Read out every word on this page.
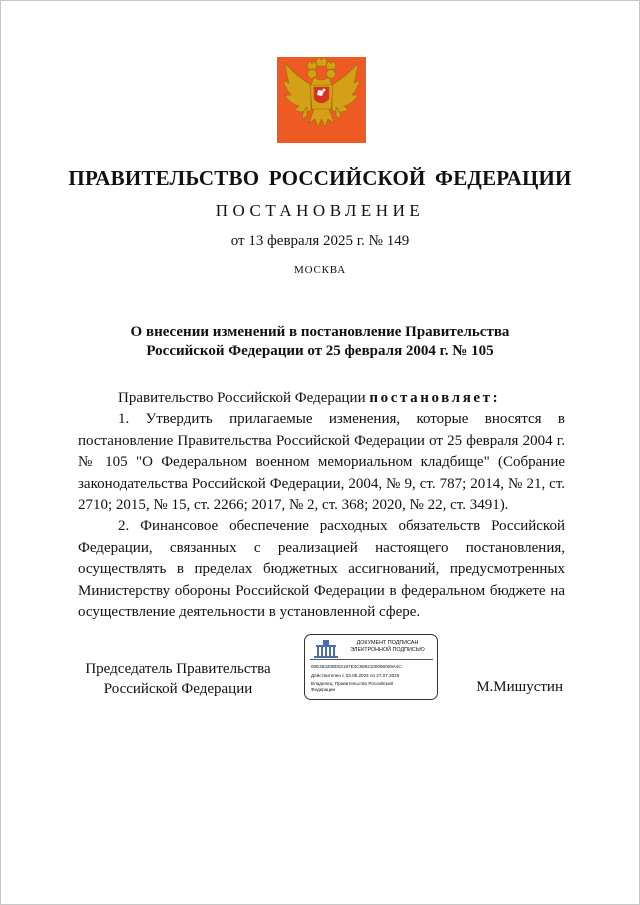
ПРАВИТЕЛЬСТВО РОССИЙСКОЙ ФЕДЕРАЦИИ
ПОСТАНОВЛЕНИЕ
от 13 февраля 2025 г. № 149
МОСКВА
О внесении изменений в постановление Правительства
Российской Федерации от 25 февраля 2004 г. № 105

Правительство Российской Федерации постановляет:

1. Утвердить прилагаемые изменения, которые вносятся в постановление Правительства Российской Федерации от 25 февраля 2004 г. № 105 "О Федеральном военном мемориальном кладбище" (Собрание законодательства Российской Федерации, 2004, № 9, ст. 787; 2014, № 21, ст. 2710; 2015, № 15, ст. 2266; 2017, № 2, ст. 368; 2020, № 22, ст. 3491).

2. Финансовое обеспечение расходных обязательств Российской Федерации, связанных с реализацией настоящего постановления, осуществлять в пределах бюджетных ассигнований, предусмотренных Министерству обороны Российской Федерации в федеральном бюджете на осуществление деятельности в установленной сфере.

Председатель Правительства
Российской Федерации
ДОКУМЕНТ ПОДПИСАН
ЭЛЕКТРОННОЙ ПОДПИСЬЮ
00E363208D02197E4C8892100086009A4C
Действителен с 03.05.2024 по 27.07.2025
Владелец: Правительство Российской
Федерации	М.Мишустин
